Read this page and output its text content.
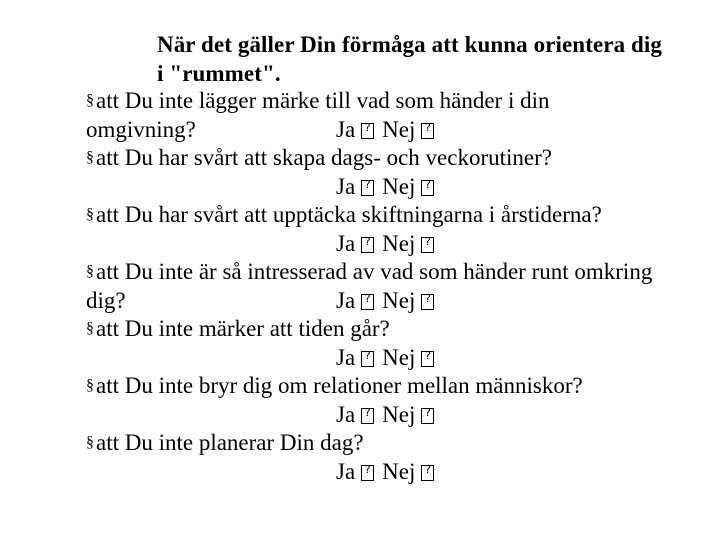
När det gäller Din förmåga att kunna orientera dig
i "rummet".
§att Du inte lägger märke till vad som händer i din
omgivning?	Ja ? Nej?
§att Du har svårt att skapa dags- och veckorutiner?
Ja ? Nej?
§att Du har svårt att upptäcka skiftningarna i årstiderna?
Ja ? Nej?
§att Du inte är så intresserad av vad som händer runt omkring
dig?	Ja ? Nej?
§att Du inte märker att tiden går?
Ja ? Nej?
§att Du inte bryr dig om relationer mellan människor?
Ja ? Nej?
§att Du inte planerar Din dag?
Ja ? Nej?
